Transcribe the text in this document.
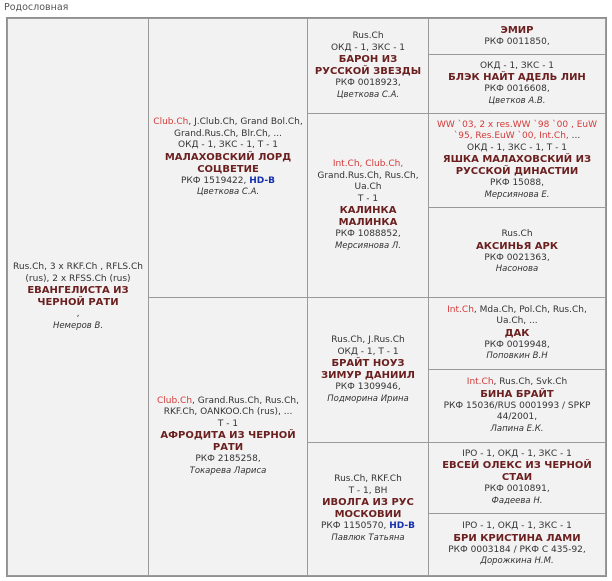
Родословная
Rus.Ch, 3 x RKF.Ch , RFLS.Ch (rus), 2 x RFSS.Ch (rus)
ЕВАНГЕЛИСТА ИЗ ЧЕРНОЙ РАТИ
,
Немеров В.
Club.Ch, J.Club.Ch, Grand Bol.Ch, Grand.Rus.Ch, Blr.Ch, ...
ОКД - 1, ЗКС - 1, Т - 1
МАЛАХОВСКИЙ ЛОРД СОЦВЕТИЕ
РКФ 1519422, HD-B
Цветкова С.А.
Club.Ch, Grand.Rus.Ch, Rus.Ch, RKF.Ch, OANKOO.Ch (rus), ...
Т - 1
АФРОДИТА ИЗ ЧЕРНОЙ РАТИ
РКФ 2185258,
Токарева Лариса
Rus.Ch
ОКД - 1, ЗКС - 1
БАРОН ИЗ РУССКОЙ ЗВЕЗДЫ
РКФ 0018923,
Цветкова С.А.
Int.Ch, Club.Ch, Grand.Rus.Ch, Rus.Ch, Ua.Ch
Т - 1
КАЛИНКА МАЛИНКА
РКФ 1088852,
Мерсиянова Л.
Rus.Ch, J.Rus.Ch
ОКД - 1, Т - 1
БРАЙТ НОУЗ ЗИМУР ДАНИИЛ
РКФ 1309946,
Подморина Ирина
Rus.Ch, RKF.Ch
Т - 1, ВН
ИВОЛГА ИЗ РУС МОСКОВИИ
РКФ 1150570, HD-B
Павлюк Татьяна
ЭМИР
РКФ 0011850,
ОКД - 1, ЗКС - 1
БЛЭК НАЙТ АДЕЛЬ ЛИН
РКФ 0016608,
Цветков А.В.
WW `03, 2 x res.WW `98 `00 , EuW `95, Res.EuW `00, Int.Ch, ...
ОКД - 1, ЗКС - 1, Т - 1
ЯШКА МАЛАХОВСКИЙ ИЗ РУССКОЙ ДИНАСТИИ
РКФ 15088,
Мерсиянова Е.
Rus.Ch
АКСИНЬЯ АРК
РКФ 0021363,
Насонова
Int.Ch, Mda.Ch, Pol.Ch, Rus.Ch, Ua.Ch, ...
ДАК
РКФ 0019948,
Поповкин В.Н
Int.Ch, Rus.Ch, Svk.Ch
БИНА БРАЙТ
РКФ 15036/RUS 0001993 / SPKP 44/2001,
Лапина Е.К.
IPO - 1, ОКД - 1, ЗКС - 1
ЕВСЕЙ ОЛЕКС ИЗ ЧЕРНОЙ СТАИ
РКФ 0010891,
Фадеева Н.
IPO - 1, ОКД - 1, ЗКС - 1
БРИ КРИСТИНА ЛАМИ
РКФ 0003184 / РКФ С 435-92,
Дорожкина Н.М.
